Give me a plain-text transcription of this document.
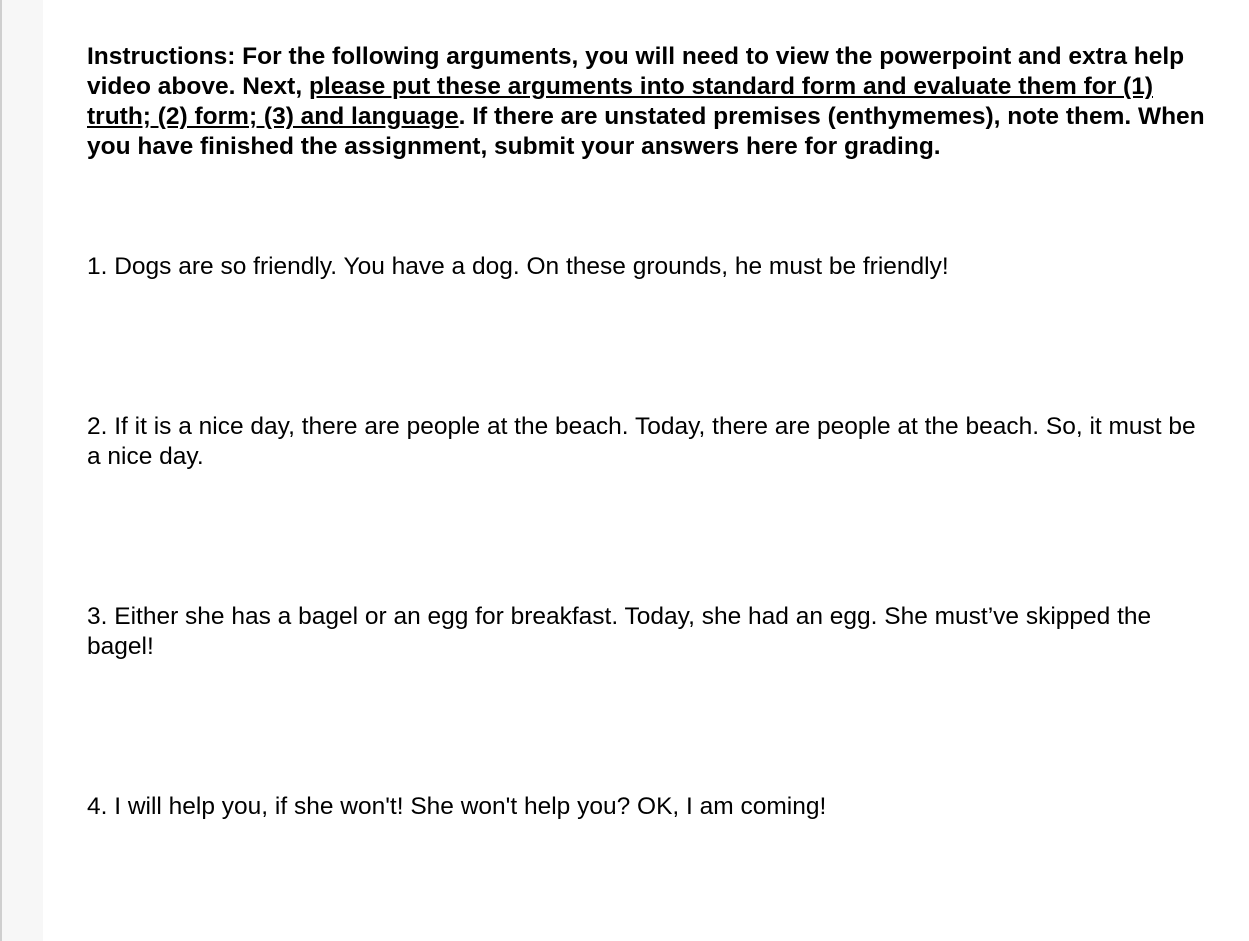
Instructions: For the following arguments, you will need to view the powerpoint and extra help video above. Next, please put these arguments into standard form and evaluate them for (1) truth; (2) form; (3) and language. If there are unstated premises (enthymemes), note them. When you have finished the assignment, submit your answers here for grading.

1. Dogs are so friendly. You have a dog. On these grounds, he must be friendly!

2. If it is a nice day, there are people at the beach. Today, there are people at the beach. So, it must be a nice day.

3. Either she has a bagel or an egg for breakfast. Today, she had an egg. She must’ve skipped the bagel!

4. I will help you, if she won't! She won't help you? OK, I am coming!
